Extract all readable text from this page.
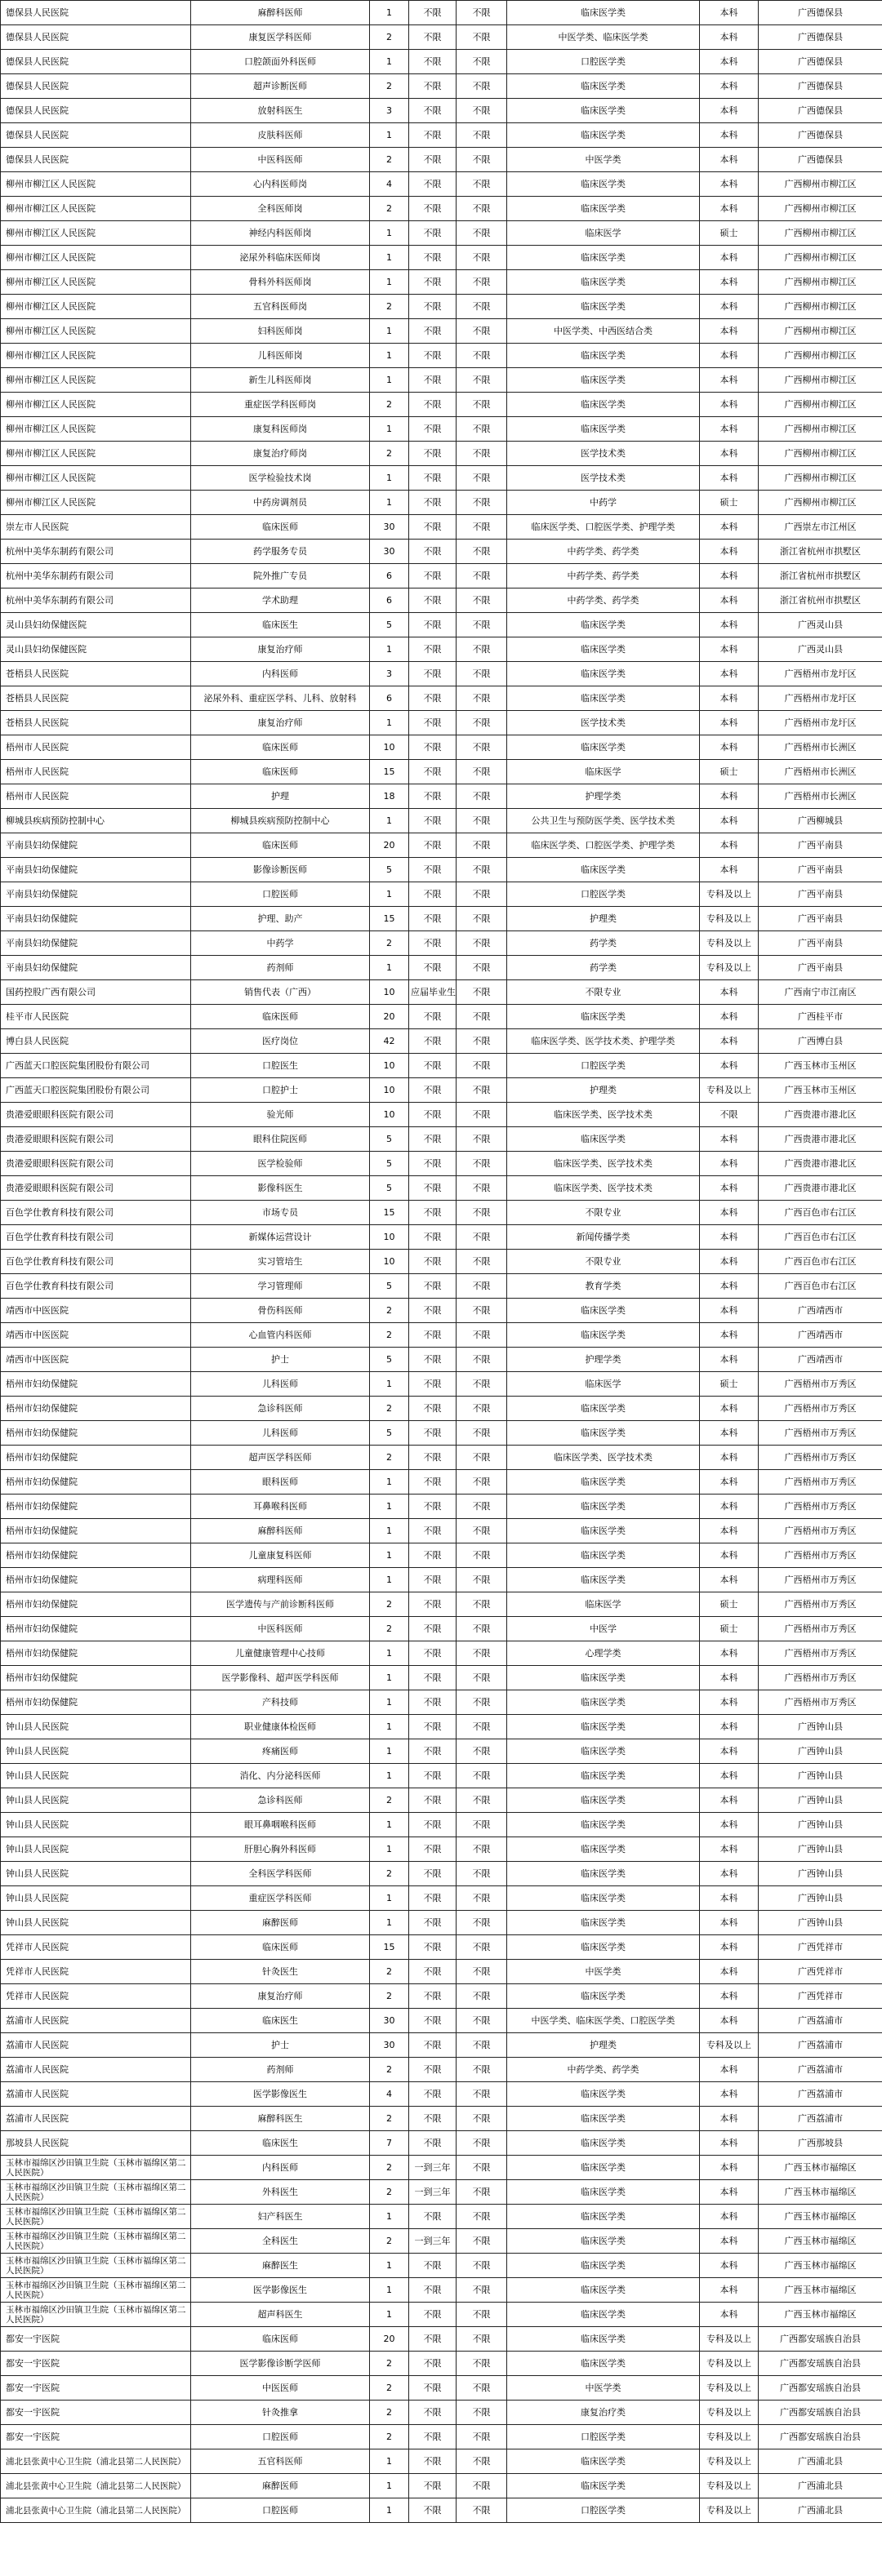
德保县人民医院	麻醉科医师	1	不限	不限	临床医学类	本科	广西德保县
德保县人民医院	康复医学科医师	2	不限	不限	中医学类、临床医学类	本科	广西德保县
德保县人民医院	口腔颌面外科医师	1	不限	不限	口腔医学类	本科	广西德保县
德保县人民医院	超声诊断医师	2	不限	不限	临床医学类	本科	广西德保县
德保县人民医院	放射科医生	3	不限	不限	临床医学类	本科	广西德保县
德保县人民医院	皮肤科医师	1	不限	不限	临床医学类	本科	广西德保县
德保县人民医院	中医科医师	2	不限	不限	中医学类	本科	广西德保县
柳州市柳江区人民医院	心内科医师岗	4	不限	不限	临床医学类	本科	广西柳州市柳江区
柳州市柳江区人民医院	全科医师岗	2	不限	不限	临床医学类	本科	广西柳州市柳江区
柳州市柳江区人民医院	神经内科医师岗	1	不限	不限	临床医学	硕士	广西柳州市柳江区
柳州市柳江区人民医院	泌尿外科临床医师岗	1	不限	不限	临床医学类	本科	广西柳州市柳江区
柳州市柳江区人民医院	骨科外科医师岗	1	不限	不限	临床医学类	本科	广西柳州市柳江区
柳州市柳江区人民医院	五官科医师岗	2	不限	不限	临床医学类	本科	广西柳州市柳江区
柳州市柳江区人民医院	妇科医师岗	1	不限	不限	中医学类、中西医结合类	本科	广西柳州市柳江区
柳州市柳江区人民医院	儿科医师岗	1	不限	不限	临床医学类	本科	广西柳州市柳江区
柳州市柳江区人民医院	新生儿科医师岗	1	不限	不限	临床医学类	本科	广西柳州市柳江区
柳州市柳江区人民医院	重症医学科医师岗	2	不限	不限	临床医学类	本科	广西柳州市柳江区
柳州市柳江区人民医院	康复科医师岗	1	不限	不限	临床医学类	本科	广西柳州市柳江区
柳州市柳江区人民医院	康复治疗师岗	2	不限	不限	医学技术类	本科	广西柳州市柳江区
柳州市柳江区人民医院	医学检验技术岗	1	不限	不限	医学技术类	本科	广西柳州市柳江区
柳州市柳江区人民医院	中药房调剂员	1	不限	不限	中药学	硕士	广西柳州市柳江区
崇左市人民医院	临床医师	30	不限	不限	临床医学类、口腔医学类、护理学类	本科	广西崇左市江州区
杭州中美华东制药有限公司	药学服务专员	30	不限	不限	中药学类、药学类	本科	浙江省杭州市拱墅区
杭州中美华东制药有限公司	院外推广专员	6	不限	不限	中药学类、药学类	本科	浙江省杭州市拱墅区
杭州中美华东制药有限公司	学术助理	6	不限	不限	中药学类、药学类	本科	浙江省杭州市拱墅区
灵山县妇幼保健医院	临床医生	5	不限	不限	临床医学类	本科	广西灵山县
灵山县妇幼保健医院	康复治疗师	1	不限	不限	临床医学类	本科	广西灵山县
苍梧县人民医院	内科医师	3	不限	不限	临床医学类	本科	广西梧州市龙圩区
苍梧县人民医院	泌尿外科、重症医学科、儿科、放射科	6	不限	不限	临床医学类	本科	广西梧州市龙圩区
苍梧县人民医院	康复治疗师	1	不限	不限	医学技术类	本科	广西梧州市龙圩区
梧州市人民医院	临床医师	10	不限	不限	临床医学类	本科	广西梧州市长洲区
梧州市人民医院	临床医师	15	不限	不限	临床医学	硕士	广西梧州市长洲区
梧州市人民医院	护理	18	不限	不限	护理学类	本科	广西梧州市长洲区
柳城县疾病预防控制中心	柳城县疾病预防控制中心	1	不限	不限	公共卫生与预防医学类、医学技术类	本科	广西柳城县
平南县妇幼保健院	临床医师	20	不限	不限	临床医学类、口腔医学类、护理学类	本科	广西平南县
平南县妇幼保健院	影像诊断医师	5	不限	不限	临床医学类	本科	广西平南县
平南县妇幼保健院	口腔医师	1	不限	不限	口腔医学类	专科及以上	广西平南县
平南县妇幼保健院	护理、助产	15	不限	不限	护理类	专科及以上	广西平南县
平南县妇幼保健院	中药学	2	不限	不限	药学类	专科及以上	广西平南县
平南县妇幼保健院	药剂师	1	不限	不限	药学类	专科及以上	广西平南县
国药控股广西有限公司	销售代表（广西）	10	应届毕业生	不限	不限专业	本科	广西南宁市江南区
桂平市人民医院	临床医师	20	不限	不限	临床医学类	本科	广西桂平市
博白县人民医院	医疗岗位	42	不限	不限	临床医学类、医学技术类、护理学类	本科	广西博白县
广西蓝天口腔医院集团股份有限公司	口腔医生	10	不限	不限	口腔医学类	本科	广西玉林市玉州区
广西蓝天口腔医院集团股份有限公司	口腔护士	10	不限	不限	护理类	专科及以上	广西玉林市玉州区
贵港爱眼眼科医院有限公司	验光师	10	不限	不限	临床医学类、医学技术类	不限	广西贵港市港北区
贵港爱眼眼科医院有限公司	眼科住院医师	5	不限	不限	临床医学类	本科	广西贵港市港北区
贵港爱眼眼科医院有限公司	医学检验师	5	不限	不限	临床医学类、医学技术类	本科	广西贵港市港北区
贵港爱眼眼科医院有限公司	影像科医生	5	不限	不限	临床医学类、医学技术类	本科	广西贵港市港北区
百色学仕教育科技有限公司	市场专员	15	不限	不限	不限专业	本科	广西百色市右江区
百色学仕教育科技有限公司	新媒体运营设计	10	不限	不限	新闻传播学类	本科	广西百色市右江区
百色学仕教育科技有限公司	实习管培生	10	不限	不限	不限专业	本科	广西百色市右江区
百色学仕教育科技有限公司	学习管理师	5	不限	不限	教育学类	本科	广西百色市右江区
靖西市中医医院	骨伤科医师	2	不限	不限	临床医学类	本科	广西靖西市
靖西市中医医院	心血管内科医师	2	不限	不限	临床医学类	本科	广西靖西市
靖西市中医医院	护士	5	不限	不限	护理学类	本科	广西靖西市
梧州市妇幼保健院	儿科医师	1	不限	不限	临床医学	硕士	广西梧州市万秀区
梧州市妇幼保健院	急诊科医师	2	不限	不限	临床医学类	本科	广西梧州市万秀区
梧州市妇幼保健院	儿科医师	5	不限	不限	临床医学类	本科	广西梧州市万秀区
梧州市妇幼保健院	超声医学科医师	2	不限	不限	临床医学类、医学技术类	本科	广西梧州市万秀区
梧州市妇幼保健院	眼科医师	1	不限	不限	临床医学类	本科	广西梧州市万秀区
梧州市妇幼保健院	耳鼻喉科医师	1	不限	不限	临床医学类	本科	广西梧州市万秀区
梧州市妇幼保健院	麻醉科医师	1	不限	不限	临床医学类	本科	广西梧州市万秀区
梧州市妇幼保健院	儿童康复科医师	1	不限	不限	临床医学类	本科	广西梧州市万秀区
梧州市妇幼保健院	病理科医师	1	不限	不限	临床医学类	本科	广西梧州市万秀区
梧州市妇幼保健院	医学遗传与产前诊断科医师	2	不限	不限	临床医学	硕士	广西梧州市万秀区
梧州市妇幼保健院	中医科医师	2	不限	不限	中医学	硕士	广西梧州市万秀区
梧州市妇幼保健院	儿童健康管理中心技师	1	不限	不限	心理学类	本科	广西梧州市万秀区
梧州市妇幼保健院	医学影像科、超声医学科医师	1	不限	不限	临床医学类	本科	广西梧州市万秀区
梧州市妇幼保健院	产科技师	1	不限	不限	临床医学类	本科	广西梧州市万秀区
钟山县人民医院	职业健康体检医师	1	不限	不限	临床医学类	本科	广西钟山县
钟山县人民医院	疼痛医师	1	不限	不限	临床医学类	本科	广西钟山县
钟山县人民医院	消化、内分泌科医师	1	不限	不限	临床医学类	本科	广西钟山县
钟山县人民医院	急诊科医师	2	不限	不限	临床医学类	本科	广西钟山县
钟山县人民医院	眼耳鼻咽喉科医师	1	不限	不限	临床医学类	本科	广西钟山县
钟山县人民医院	肝胆心胸外科医师	1	不限	不限	临床医学类	本科	广西钟山县
钟山县人民医院	全科医学科医师	2	不限	不限	临床医学类	本科	广西钟山县
钟山县人民医院	重症医学科医师	1	不限	不限	临床医学类	本科	广西钟山县
钟山县人民医院	麻醉医师	1	不限	不限	临床医学类	本科	广西钟山县
凭祥市人民医院	临床医师	15	不限	不限	临床医学类	本科	广西凭祥市
凭祥市人民医院	针灸医生	2	不限	不限	中医学类	本科	广西凭祥市
凭祥市人民医院	康复治疗师	2	不限	不限	临床医学类	本科	广西凭祥市
荔浦市人民医院	临床医生	30	不限	不限	中医学类、临床医学类、口腔医学类	本科	广西荔浦市
荔浦市人民医院	护士	30	不限	不限	护理类	专科及以上	广西荔浦市
荔浦市人民医院	药剂师	2	不限	不限	中药学类、药学类	本科	广西荔浦市
荔浦市人民医院	医学影像医生	4	不限	不限	临床医学类	本科	广西荔浦市
荔浦市人民医院	麻醉科医生	2	不限	不限	临床医学类	本科	广西荔浦市
那坡县人民医院	临床医生	7	不限	不限	临床医学类	本科	广西那坡县
玉林市福绵区沙田镇卫生院（玉林市福绵区第二人民医院）	内科医师	2	一到三年	不限	临床医学类	本科	广西玉林市福绵区
玉林市福绵区沙田镇卫生院（玉林市福绵区第二人民医院）	外科医生	2	一到三年	不限	临床医学类	本科	广西玉林市福绵区
玉林市福绵区沙田镇卫生院（玉林市福绵区第二人民医院）	妇产科医生	1	不限	不限	临床医学类	本科	广西玉林市福绵区
玉林市福绵区沙田镇卫生院（玉林市福绵区第二人民医院）	全科医生	2	一到三年	不限	临床医学类	本科	广西玉林市福绵区
玉林市福绵区沙田镇卫生院（玉林市福绵区第二人民医院）	麻醉医生	1	不限	不限	临床医学类	本科	广西玉林市福绵区
玉林市福绵区沙田镇卫生院（玉林市福绵区第二人民医院）	医学影像医生	1	不限	不限	临床医学类	本科	广西玉林市福绵区
玉林市福绵区沙田镇卫生院（玉林市福绵区第二人民医院）	超声科医生	1	不限	不限	临床医学类	本科	广西玉林市福绵区
都安一宇医院	临床医师	20	不限	不限	临床医学类	专科及以上	广西都安瑶族自治县
都安一宇医院	医学影像诊断学医师	2	不限	不限	临床医学类	专科及以上	广西都安瑶族自治县
都安一宇医院	中医医师	2	不限	不限	中医学类	专科及以上	广西都安瑶族自治县
都安一宇医院	针灸推拿	2	不限	不限	康复治疗类	专科及以上	广西都安瑶族自治县
都安一宇医院	口腔医师	2	不限	不限	口腔医学类	专科及以上	广西都安瑶族自治县
浦北县张黄中心卫生院（浦北县第二人民医院）	五官科医师	1	不限	不限	临床医学类	专科及以上	广西浦北县
浦北县张黄中心卫生院（浦北县第二人民医院）	麻醉医师	1	不限	不限	临床医学类	专科及以上	广西浦北县
浦北县张黄中心卫生院（浦北县第二人民医院）	口腔医师	1	不限	不限	口腔医学类	专科及以上	广西浦北县
